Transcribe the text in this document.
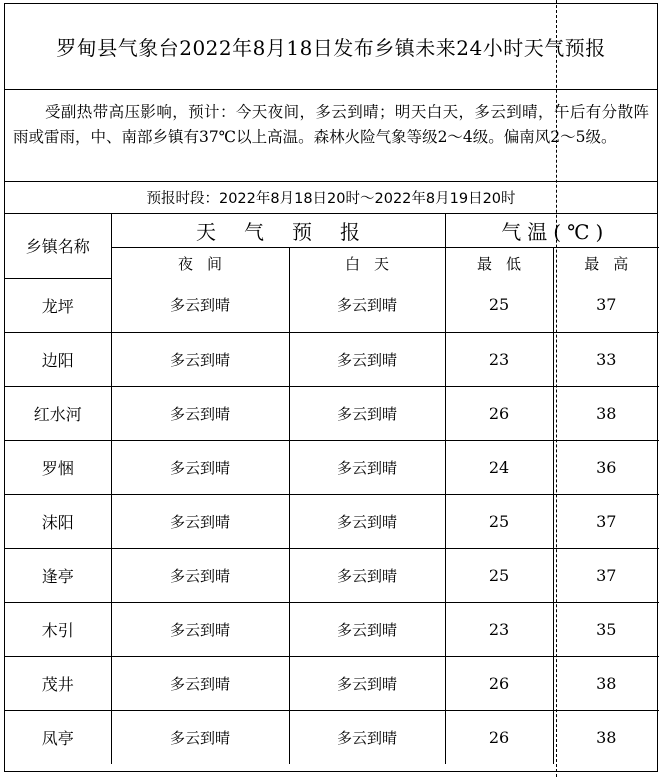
罗甸县气象台2022年8月18日发布乡镇未来24小时天气预报
受副热带高压影响，预计：今天夜间，多云到晴；明天白天，多云到晴，午后有分散阵雨或雷雨，中、南部乡镇有37℃以上高温。森林火险气象等级2～4级。偏南风2～5级。
预报时段：2022年8月18日20时～2022年8月19日20时
乡镇名称	天气预报		气温(℃)	
	夜间	白天	最低	最高
龙坪	多云到晴	多云到晴	25	37
边阳	多云到晴	多云到晴	23	33
红水河	多云到晴	多云到晴	26	38
罗悃	多云到晴	多云到晴	24	36
沫阳	多云到晴	多云到晴	25	37
逢亭	多云到晴	多云到晴	25	37
木引	多云到晴	多云到晴	23	35
茂井	多云到晴	多云到晴	26	38
凤亭	多云到晴	多云到晴	26	38
